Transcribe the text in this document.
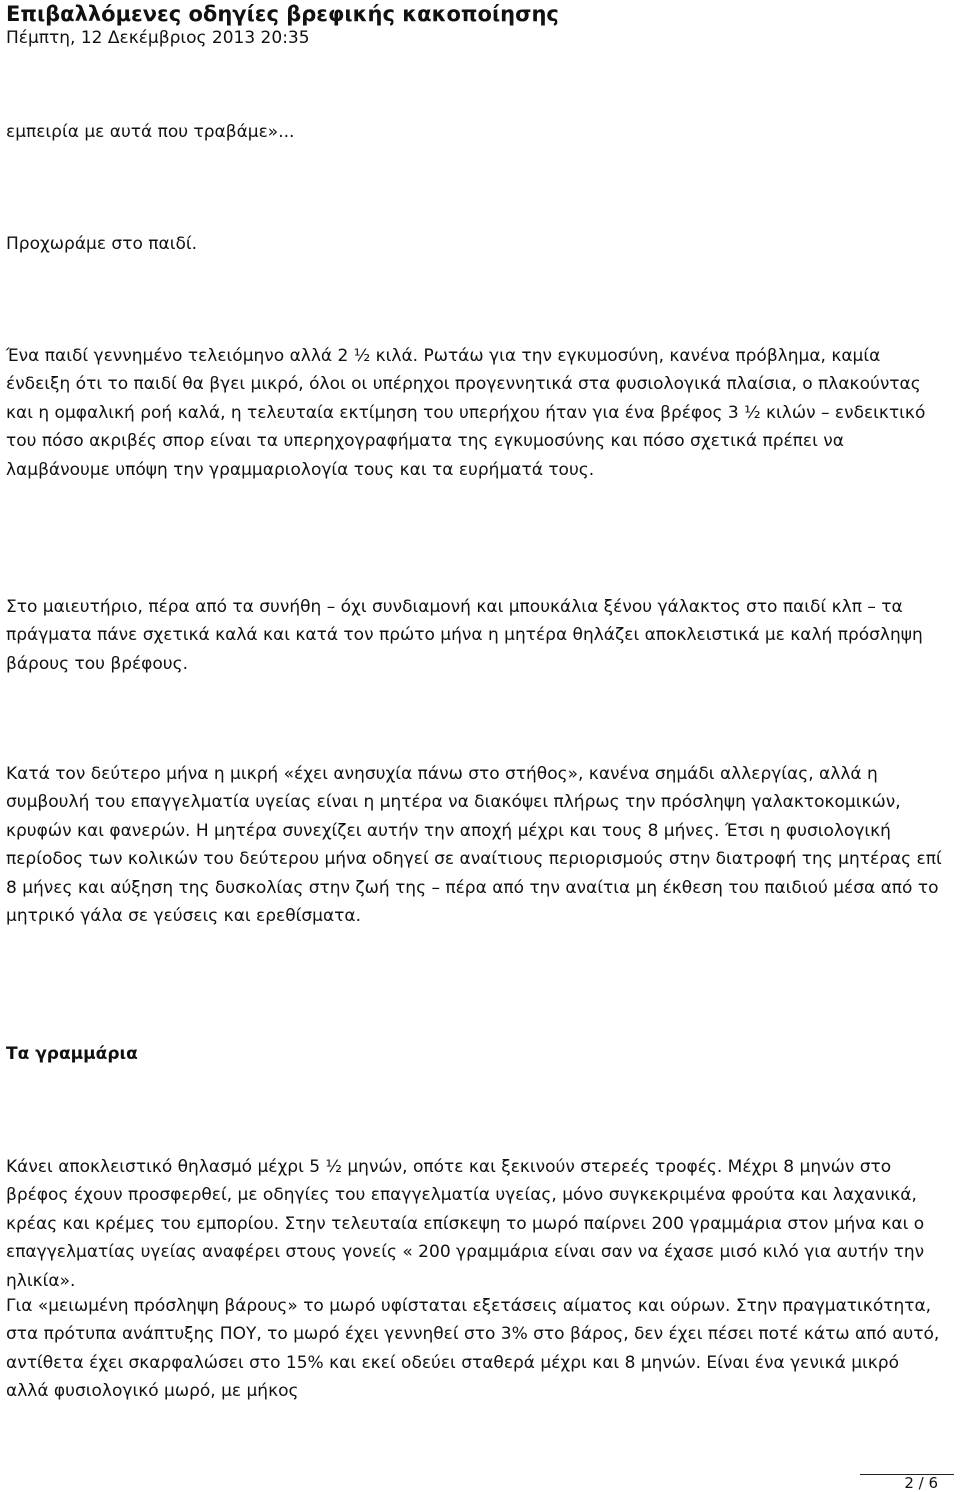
Επιβαλλόμενες οδηγίες βρεφικής κακοποίησης
Πέμπτη, 12 Δεκέμβριος 2013 20:35

εμπειρία με αυτά που τραβάμε»...

Προχωράμε στο παιδί.

Ένα παιδί γεννημένο τελειόμηνο αλλά 2 ½ κιλά. Ρωτάω για την εγκυμοσύνη, κανένα πρόβλημα, καμία ένδειξη ότι το παιδί θα βγει μικρό, όλοι οι υπέρηχοι προγεννητικά στα φυσιολογικά πλαίσια, ο πλακούντας και η ομφαλική ροή καλά, η τελευταία εκτίμηση του υπερήχου ήταν για ένα βρέφος 3 ½ κιλών – ενδεικτικό του πόσο ακριβές σπορ είναι τα υπερηχογραφήματα της εγκυμοσύνης και πόσο σχετικά πρέπει να λαμβάνουμε υπόψη την γραμμαριολογία τους και τα ευρήματά τους.

Στο μαιευτήριο, πέρα από τα συνήθη – όχι συνδιαμονή και μπουκάλια ξένου γάλακτος στο παιδί κλπ – τα πράγματα πάνε σχετικά καλά και κατά τον πρώτο μήνα η μητέρα θηλάζει αποκλειστικά με καλή πρόσληψη βάρους του βρέφους.

Κατά τον δεύτερο μήνα η μικρή «έχει ανησυχία πάνω στο στήθος», κανένα σημάδι αλλεργίας, αλλά η συμβουλή του επαγγελματία υγείας είναι η μητέρα να διακόψει πλήρως την πρόσληψη γαλακτοκομικών, κρυφών και φανερών. Η μητέρα συνεχίζει αυτήν την αποχή μέχρι και τους 8 μήνες. Έτσι η φυσιολογική περίοδος των κολικών του δεύτερου μήνα οδηγεί σε αναίτιους περιορισμούς στην διατροφή της μητέρας επί 8 μήνες και αύξηση της δυσκολίας στην ζωή της – πέρα από την αναίτια μη έκθεση του παιδιού μέσα από το μητρικό γάλα σε γεύσεις και ερεθίσματα.

Τα γραμμάρια

Κάνει αποκλειστικό θηλασμό μέχρι 5 ½ μηνών, οπότε και ξεκινούν στερεές τροφές. Μέχρι 8 μηνών στο βρέφος έχουν προσφερθεί, με οδηγίες του επαγγελματία υγείας, μόνο συγκεκριμένα φρούτα και λαχανικά, κρέας και κρέμες του εμπορίου. Στην τελευταία επίσκεψη το μωρό παίρνει 200 γραμμάρια στον μήνα και ο επαγγελματίας υγείας αναφέρει στους γονείς « 200 γραμμάρια είναι σαν να έχασε μισό κιλό για αυτήν την ηλικία».

Για «μειωμένη πρόσληψη βάρους» το μωρό υφίσταται εξετάσεις αίματος και ούρων. Στην πραγματικότητα, στα πρότυπα ανάπτυξης ΠΟΥ, το μωρό έχει γεννηθεί στο 3% στο βάρος, δεν έχει πέσει ποτέ κάτω από αυτό, αντίθετα έχει σκαρφαλώσει στο 15% και εκεί οδεύει σταθερά μέχρι και 8 μηνών. Είναι ένα γενικά μικρό αλλά φυσιολογικό μωρό, με μήκος

2 / 6
